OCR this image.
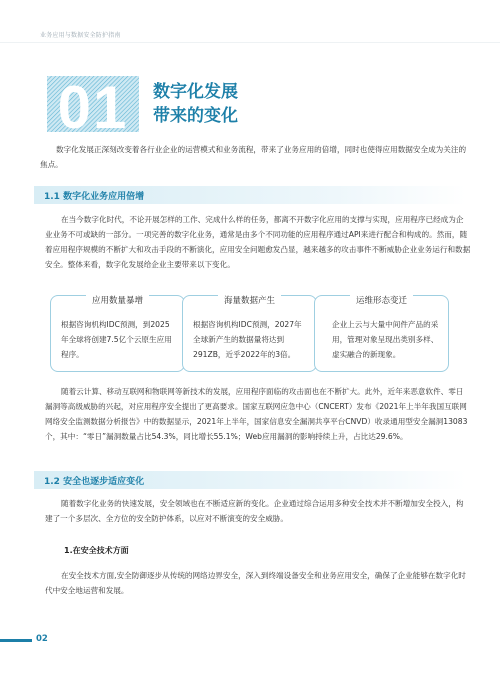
业务应用与数据安全防护指南
01 数字化发展
带来的变化
数字化发展正深刻改变着各行业企业的运营模式和业务流程，带来了业务应用的倍增，同时也使得应用数据安全成为关注的焦点。
1.1 数字化业务应用倍增
在当今数字化时代，不论开展怎样的工作、完成什么样的任务，都离不开数字化应用的支撑与实现，应用程序已经成为企业业务不可或缺的一部分。一项完善的数字化业务，通常是由多个不同功能的应用程序通过API来进行配合和构成的。然而，随着应用程序规模的不断扩大和攻击手段的不断演化，应用安全问题愈发凸显，越来越多的攻击事件不断威胁企业业务运行和数据安全。整体来看，数字化发展给企业主要带来以下变化。
应用数量暴增
根据咨询机构IDC预测，到2025年全球将创建7.5亿个云原生应用程序。
海量数据产生
根据咨询机构IDC预测，2027年全球新产生的数据量将达到291ZB，近乎2022年的3倍。
运维形态变迁
企业上云与大量中间件产品的采用，管理对象呈现出类别多样、虚实融合的新现象。
随着云计算、移动互联网和物联网等新技术的发展，应用程序面临的攻击面也在不断扩大。此外，近年来恶意软件、零日漏洞等高级威胁的兴起，对应用程序安全提出了更高要求。国家互联网应急中心（CNCERT）发布《2021年上半年我国互联网网络安全监测数据分析报告》中的数据显示，2021年上半年，国家信息安全漏洞共享平台CNVD）收录通用型安全漏洞13083个，其中：“零日”漏洞数量占比54.3%，同比增长55.1%；Web应用漏洞的影响持续上升，占比达29.6%。
1.2 安全也逐步适应变化
随着数字化业务的快速发展，安全领域也在不断适应新的变化。企业通过综合运用多种安全技术并不断增加安全投入，构建了一个多层次、全方位的安全防护体系，以应对不断演变的安全威胁。
1.在安全技术方面
在安全技术方面,安全防御逐步从传统的网络边界安全，深入到终端设备安全和业务应用安全，确保了企业能够在数字化时代中安全地运营和发展。
02
